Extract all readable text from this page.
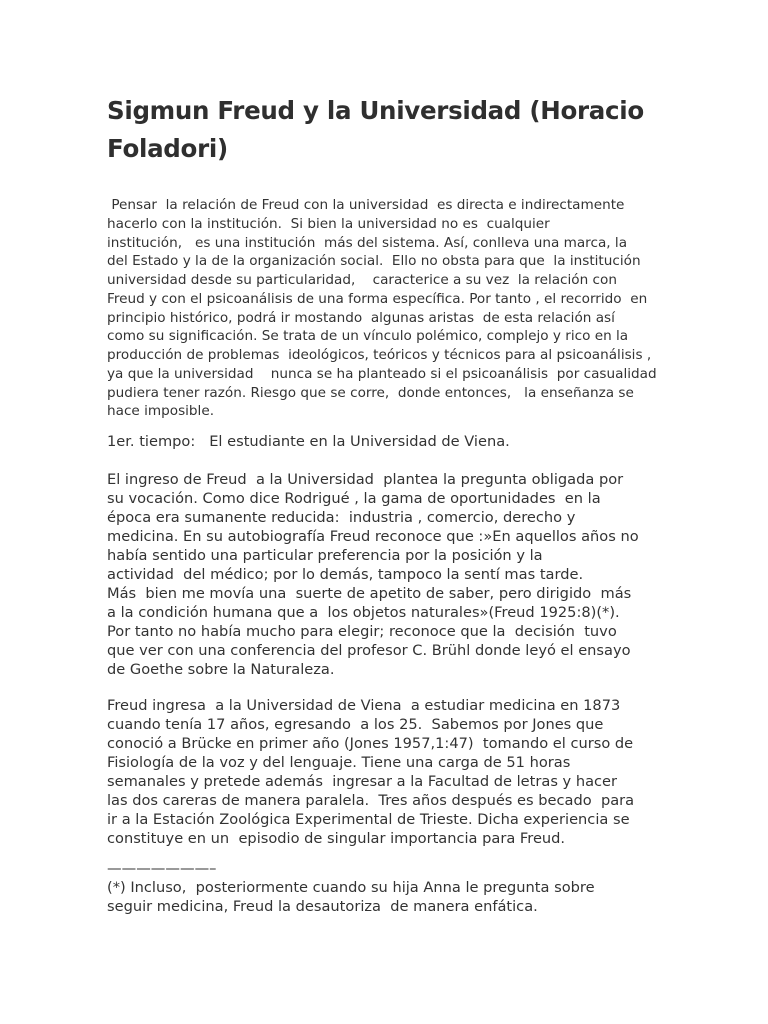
Sigmun Freud y la Universidad (Horacio
Foladori)

Pensar  la relación de Freud con la universidad  es directa e indirectamente
hacerlo con la institución.  Si bien la universidad no es  cualquier
institución,   es una institución  más del sistema. Así, conlleva una marca, la
del Estado y la de la organización social.  Ello no obsta para que  la institución
universidad desde su particularidad,    caracterice a su vez  la relación con
Freud y con el psicoanálisis de una forma específica. Por tanto , el recorrido  en
principio histórico, podrá ir mostando  algunas aristas  de esta relación así
como su significación. Se trata de un vínculo polémico, complejo y rico en la
producción de problemas  ideológicos, teóricos y técnicos para al psicoanálisis ,
ya que la universidad    nunca se ha planteado si el psicoanálisis  por casualidad
pudiera tener razón. Riesgo que se corre,  donde entonces,   la enseñanza se
hace imposible.

1er. tiempo:   El estudiante en la Universidad de Viena.

El ingreso de Freud  a la Universidad  plantea la pregunta obligada por
su vocación. Como dice Rodrigué , la gama de oportunidades  en la
época era sumanente reducida:  industria , comercio, derecho y
medicina. En su autobiografía Freud reconoce que :»En aquellos años no
había sentido una particular preferencia por la posición y la
actividad  del médico; por lo demás, tampoco la sentí mas tarde.
Más  bien me movía una  suerte de apetito de saber, pero dirigido  más
a la condición humana que a  los objetos naturales»(Freud 1925:8)(*).
Por tanto no había mucho para elegir; reconoce que la  decisión  tuvo
que ver con una conferencia del profesor C. Brühl donde leyó el ensayo
de Goethe sobre la Naturaleza.

Freud ingresa  a la Universidad de Viena  a estudiar medicina en 1873
cuando tenía 17 años, egresando  a los 25.  Sabemos por Jones que
conoció a Brücke en primer año (Jones 1957,1:47)  tomando el curso de
Fisiología de la voz y del lenguaje. Tiene una carga de 51 horas
semanales y pretede además  ingresar a la Facultad de letras y hacer
las dos careras de manera paralela.  Tres años después es becado  para
ir a la Estación Zoológica Experimental de Trieste. Dicha experiencia se
constituye en un  episodio de singular importancia para Freud.

———————–

(*) Incluso,  posteriormente cuando su hija Anna le pregunta sobre
seguir medicina, Freud la desautoriza  de manera enfática.
